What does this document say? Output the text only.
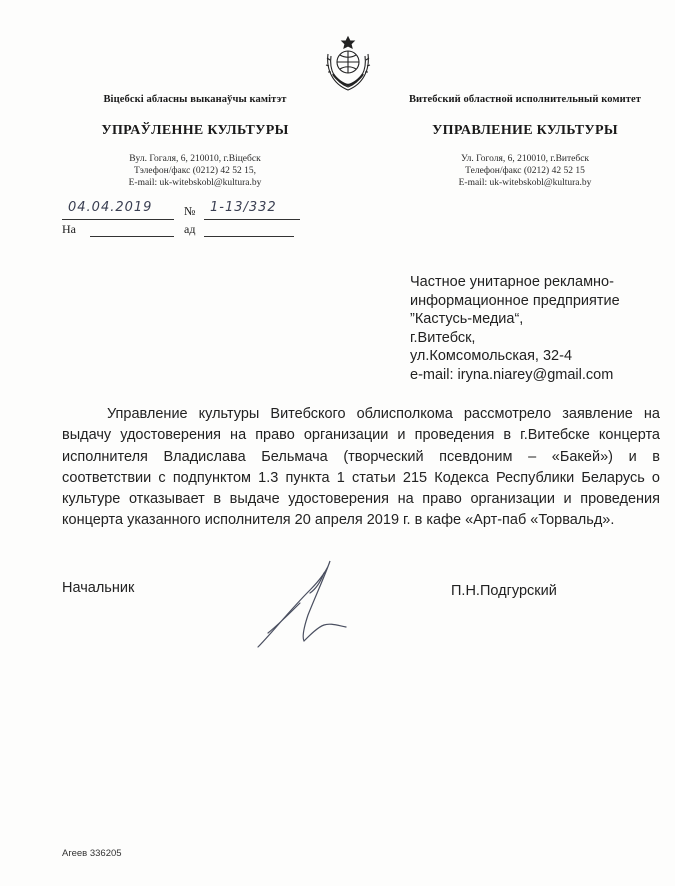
Віцебскі абласны выканаўчы камітэт
УПРАЎЛЕННЕ КУЛЬТУРЫ
Вул. Гогаля, 6, 210010, г.Віцебск
Тэлефон/факс (0212) 42 52 15,
E-mail: uk-witebskobl@kultura.by
Витебский областной исполнительный комитет
УПРАВЛЕНИЕ КУЛЬТУРЫ
Ул. Гоголя, 6, 210010, г.Витебск
Телефон/факс (0212) 42 52 15
E-mail: uk-witebskobl@kultura.by
04.04.2019	№ 1-13/332
На	ад
Частное унитарное рекламно-
информационное предприятие
”Кастусь-медиа“,
г.Витебск,
ул.Комсомольская, 32-4
e-mail: iryna.niarey@gmail.com

Управление культуры Витебского облисполкома рассмотрело заявление на выдачу удостоверения на право организации и проведения в г.Витебске концерта исполнителя Владислава Бельмача (творческий псевдоним – «Бакей») и в соответствии с подпунктом 1.3 пункта 1 статьи 215 Кодекса Республики Беларусь о культуре отказывает в выдаче удостоверения на право организации и проведения концерта указанного исполнителя 20 апреля 2019 г. в кафе «Арт-паб «Торвальд».

Начальник	П.Н.Подгурский
Агеев 336205
